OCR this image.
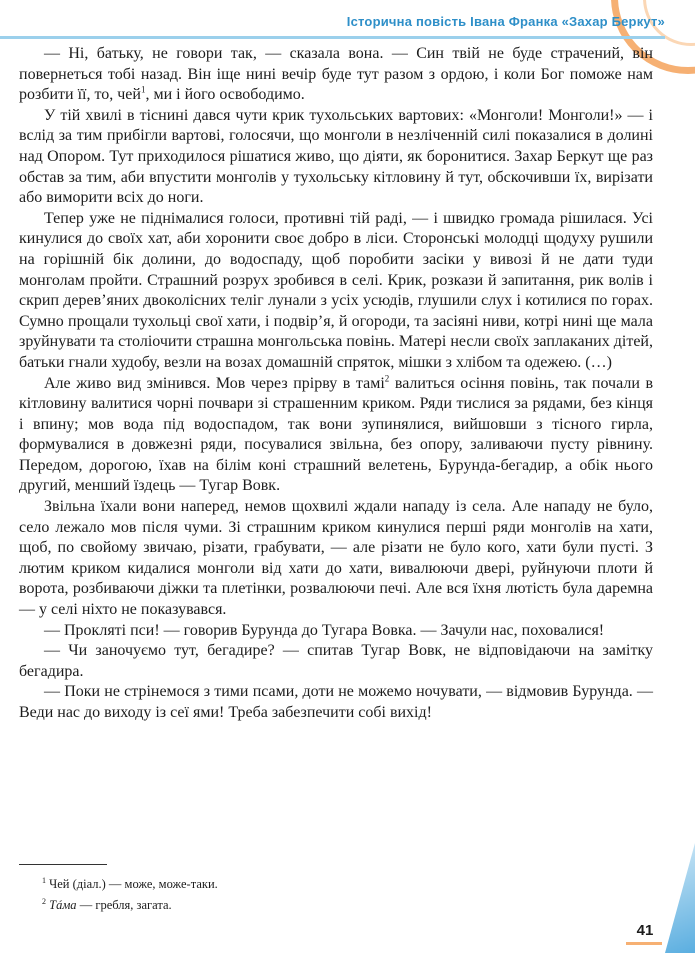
Історична повість Івана Франка «Захар Беркут»

— Ні, батьку, не говори так, — сказала вона. — Син твій не буде страчений, він повернеться тобі назад. Він іще нині вечір буде тут разом з ордою, і коли Бог поможе нам розбити її, то, чей$^1$, ми і його освободимо.

У тій хвилі в тіснині дався чути крик тухольських вартових: «Монголи! Монголи!» — і вслід за тим прибігли вартові, голосячи, що монголи в незліченній силі показалися в долині над Опором. Тут приходилося рішатися живо, що діяти, як боронитися. Захар Беркут ще раз обстав за тим, аби впустити монголів у тухольську кітловину й тут, обскочивши їх, вирізати або виморити всіх до ноги.

Тепер уже не піднімалися голоси, противні тій раді, — і швидко громада рішилася. Усі кинулися до своїх хат, аби хоронити своє добро в ліси. Сторонські молодці щодуху рушили на горішній бік долини, до водоспаду, щоб поробити засіки у вивозі й не дати туди монголам пройти. Страшний розрух зробився в селі. Крик, розкази й запитання, рик волів і скрип дерев’яних двоколісних теліг лунали з усіх усюдів, глушили слух і котилися по горах. Сумно прощали тухольці свої хати, і подвір’я, й огороди, та засіяні ниви, котрі нині ще мала зруйнувати та століочити страшна монгольська повінь. Матері несли своїх заплаканих дітей, батьки гнали худобу, везли на возах домашній спряток, мішки з хлібом та одежею. (…)

Але живо вид змінився. Мов через прірву в тамі$^2$ валиться осіння повінь, так почали в кітловину валитися чорні почвари зі страшенним криком. Ряди тислися за рядами, без кінця і впину; мов вода під водоспадом, так вони зупинялися, вийшовши з тісного гирла, формувалися в довжезні ряди, посувалися звільна, без опору, заливаючи пусту рівнину. Передом, дорогою, їхав на білім коні страшний велетень, Бурунда-бегадир, а обік нього другий, менший їздець — Тугар Вовк.

Звільна їхали вони наперед, немов щохвилі ждали нападу із села. Але нападу не було, село лежало мов після чуми. Зі страшним криком кинулися перші ряди монголів на хати, щоб, по свойому звичаю, різати, грабувати, — але різати не було кого, хати були пусті. З лютим криком кидалися монголи від хати до хати, вивалюючи двері, руйнуючи плоти й ворота, розбиваючи діжки та плетінки, розвалюючи печі. Але вся їхня лютість була даремна — у селі ніхто не показувався.

— Прокляті пси! — говорив Бурунда до Тугара Вовка. — Зачули нас, поховалися!

— Чи заночуємо тут, бегадире? — спитав Тугар Вовк, не відповідаючи на замітку бегадира.

— Поки не стрінемося з тими псами, доти не можемо ночувати, — відмовив Бурунда. — Веди нас до виходу із сеї ями! Треба забезпечити собі вихід!

$^1$ Чей (діал.) — може, може-таки.
$^2$ Тáма — гребля, загата.
41
